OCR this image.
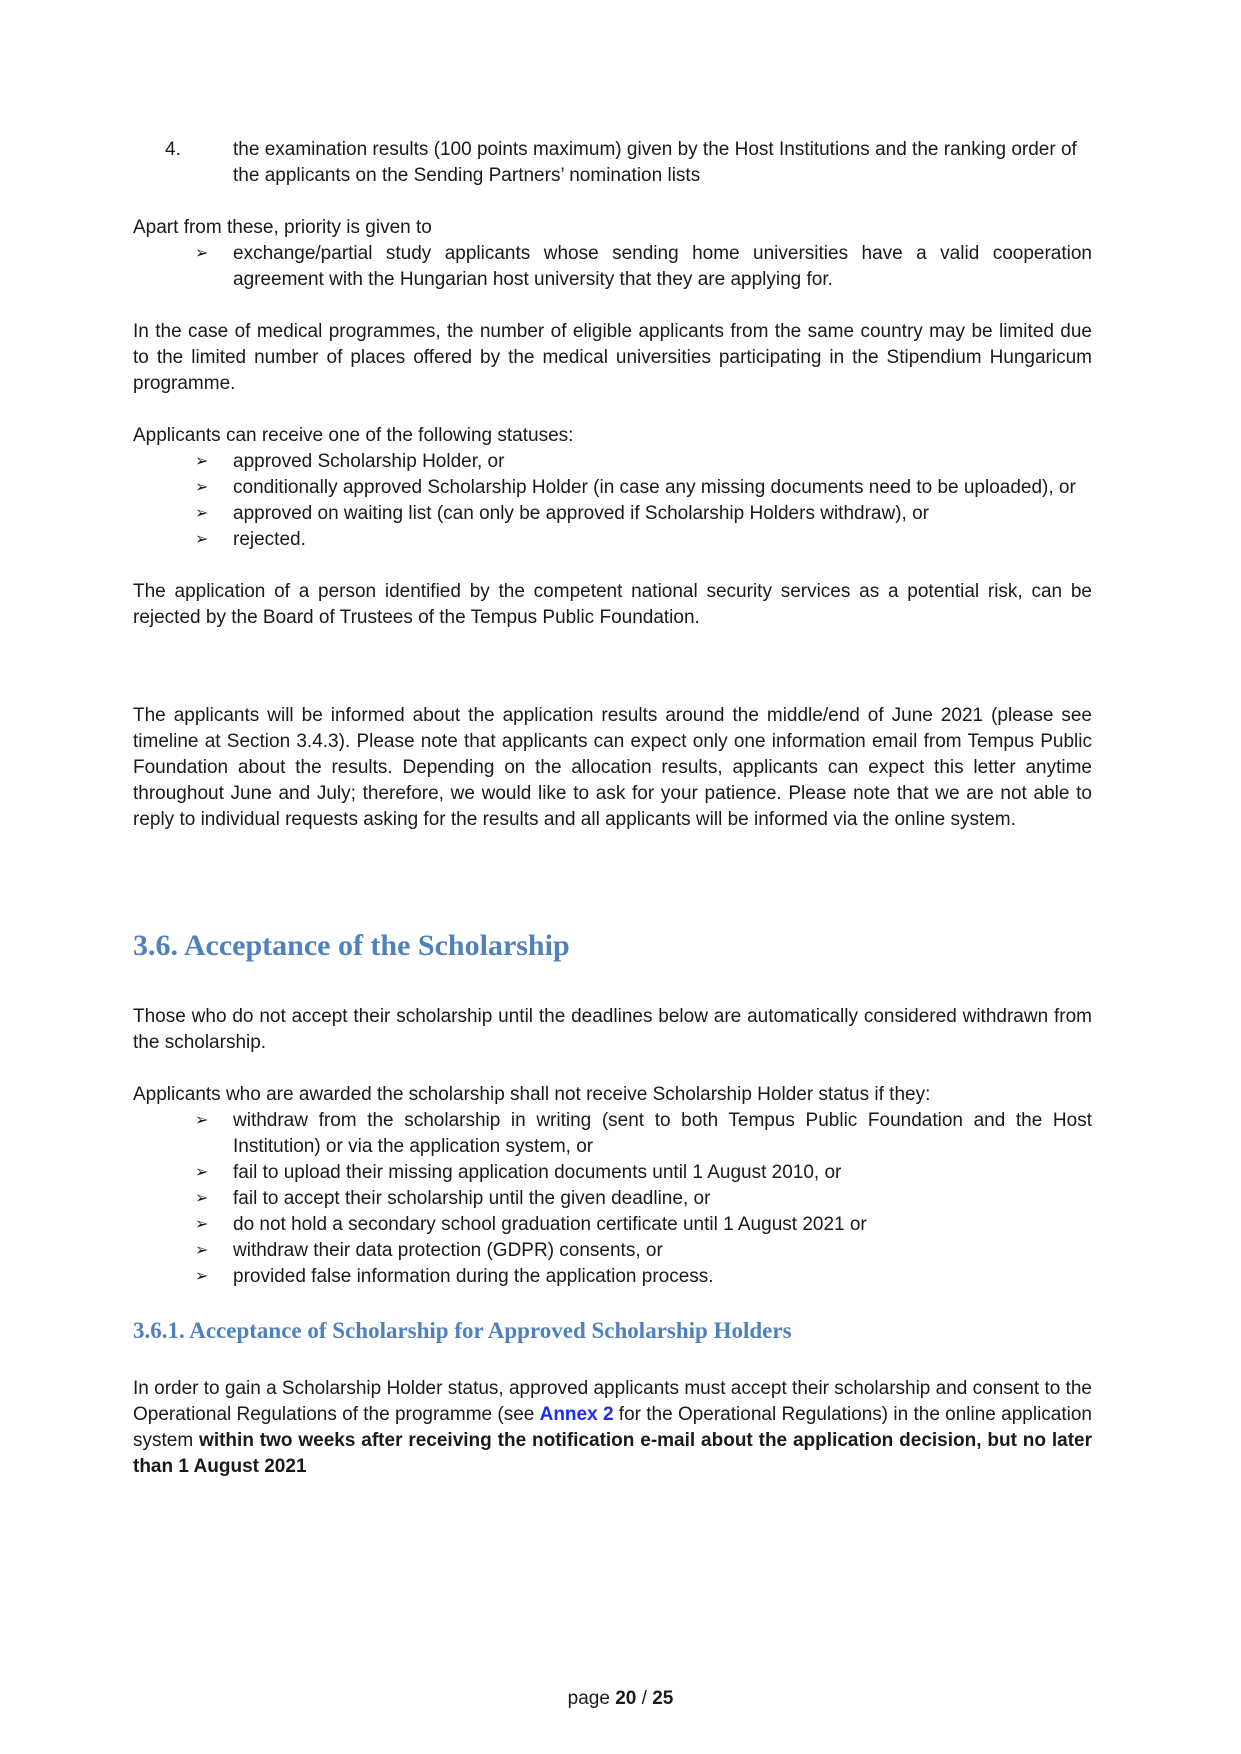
4.	the examination results (100 points maximum) given by the Host Institutions and the ranking order of the applicants on the Sending Partners’ nomination lists

Apart from these, priority is given to

➢ exchange/partial study applicants whose sending home universities have a valid cooperation agreement with the Hungarian host university that they are applying for.

In the case of medical programmes, the number of eligible applicants from the same country may be limited due to the limited number of places offered by the medical universities participating in the Stipendium Hungaricum programme.

Applicants can receive one of the following statuses:

➢ approved Scholarship Holder, or
➢ conditionally approved Scholarship Holder (in case any missing documents need to be uploaded), or
➢ approved on waiting list (can only be approved if Scholarship Holders withdraw), or
➢ rejected.

The application of a person identified by the competent national security services as a potential risk, can be rejected by the Board of Trustees of the Tempus Public Foundation.

The applicants will be informed about the application results around the middle/end of June 2021 (please see timeline at Section 3.4.3). Please note that applicants can expect only one information email from Tempus Public Foundation about the results. Depending on the allocation results, applicants can expect this letter anytime throughout June and July; therefore, we would like to ask for your patience. Please note that we are not able to reply to individual requests asking for the results and all applicants will be informed via the online system.

3.6. Acceptance of the Scholarship

Those who do not accept their scholarship until the deadlines below are automatically considered withdrawn from the scholarship.

Applicants who are awarded the scholarship shall not receive Scholarship Holder status if they:

➢ withdraw from the scholarship in writing (sent to both Tempus Public Foundation and the Host Institution) or via the application system, or
➢ fail to upload their missing application documents until 1 August 2010, or
➢ fail to accept their scholarship until the given deadline, or
➢ do not hold a secondary school graduation certificate until 1 August 2021 or
➢ withdraw their data protection (GDPR) consents, or
➢ provided false information during the application process.
3.6.1. Acceptance of Scholarship for Approved Scholarship Holders

In order to gain a Scholarship Holder status, approved applicants must accept their scholarship and consent to the Operational Regulations of the programme (see Annex 2 for the Operational Regulations) in the online application system within two weeks after receiving the notification e-mail about the application decision, but no later than 1 August 2021

page 20 / 25
